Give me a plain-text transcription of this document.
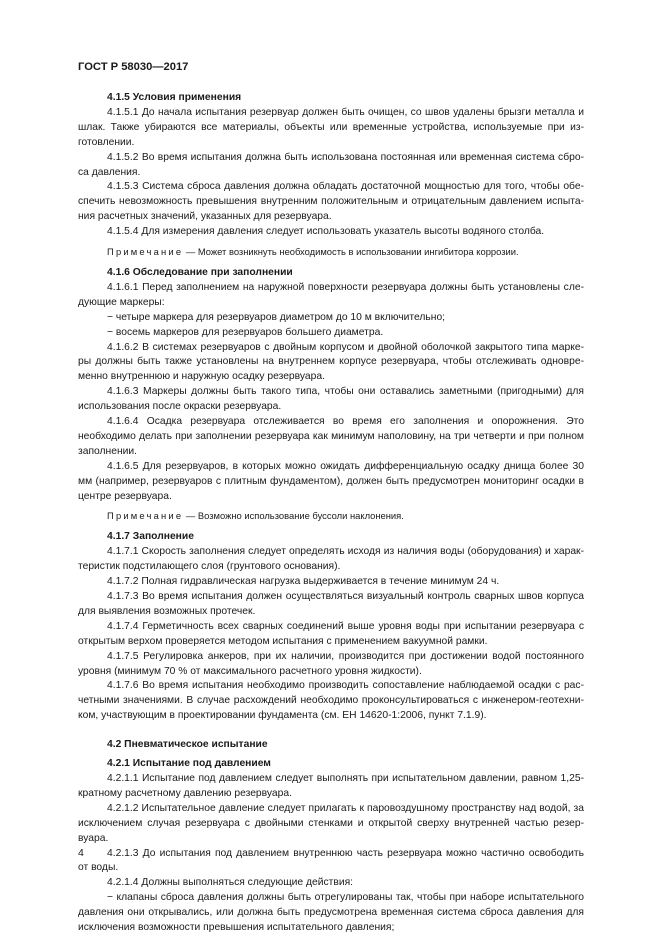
ГОСТ Р 58030—2017

4.1.5 Условия применения

4.1.5.1 До начала испытания резервуар должен быть очищен, со швов удалены брызги металла и шлак. Также убираются все материалы, объекты или временные устройства, используемые при изготовлении.

4.1.5.2 Во время испытания должна быть использована постоянная или временная система сброса давления.

4.1.5.3 Система сброса давления должна обладать достаточной мощностью для того, чтобы обеспечить невозможность превышения внутренним положительным и отрицательным давлением испытания расчетных значений, указанных для резервуара.

4.1.5.4 Для измерения давления следует использовать указатель высоты водяного столба.

Примечание — Может возникнуть необходимость в использовании ингибитора коррозии.

4.1.6 Обследование при заполнении

4.1.6.1 Перед заполнением на наружной поверхности резервуара должны быть установлены следующие маркеры:

− четыре маркера для резервуаров диаметром до 10 м включительно;

− восемь маркеров для резервуаров большего диаметра.

4.1.6.2 В системах резервуаров с двойным корпусом и двойной оболочкой закрытого типа маркеры должны быть также установлены на внутреннем корпусе резервуара, чтобы отслеживать одновременно внутреннюю и наружную осадку резервуара.

4.1.6.3 Маркеры должны быть такого типа, чтобы они оставались заметными (пригодными) для использования после окраски резервуара.

4.1.6.4 Осадка резервуара отслеживается во время его заполнения и опорожнения. Это необходимо делать при заполнении резервуара как минимум наполовину, на три четверти и при полном заполнении.

4.1.6.5 Для резервуаров, в которых можно ожидать дифференциальную осадку днища более 30 мм (например, резервуаров с плитным фундаментом), должен быть предусмотрен мониторинг осадки в центре резервуара.

Примечание — Возможно использование буссоли наклонения.

4.1.7 Заполнение

4.1.7.1 Скорость заполнения следует определять исходя из наличия воды (оборудования) и характеристик подстилающего слоя (грунтового основания).

4.1.7.2 Полная гидравлическая нагрузка выдерживается в течение минимум 24 ч.

4.1.7.3 Во время испытания должен осуществляться визуальный контроль сварных швов корпуса для выявления возможных протечек.

4.1.7.4 Герметичность всех сварных соединений выше уровня воды при испытании резервуара с открытым верхом проверяется методом испытания с применением вакуумной рамки.

4.1.7.5 Регулировка анкеров, при их наличии, производится при достижении водой постоянного уровня (минимум 70 % от максимального расчетного уровня жидкости).

4.1.7.6 Во время испытания необходимо производить сопоставление наблюдаемой осадки с расчетными значениями. В случае расхождений необходимо проконсультироваться с инженером-геотехником, участвующим в проектировании фундамента (см. ЕН 14620-1:2006, пункт 7.1.9).

4.2 Пневматическое испытание

4.2.1 Испытание под давлением

4.2.1.1 Испытание под давлением следует выполнять при испытательном давлении, равном 1,25-кратному расчетному давлению резервуара.

4.2.1.2 Испытательное давление следует прилагать к паровоздушному пространству над водой, за исключением случая резервуара с двойными стенками и открытой сверху внутренней частью резервуара.

4.2.1.3 До испытания под давлением внутреннюю часть резервуара можно частично освободить от воды.

4.2.1.4 Должны выполняться следующие действия:

− клапаны сброса давления должны быть отрегулированы так, чтобы при наборе испытательного давления они открывались, или должна быть предусмотрена временная система сброса давления для исключения возможности превышения испытательного давления;

4
